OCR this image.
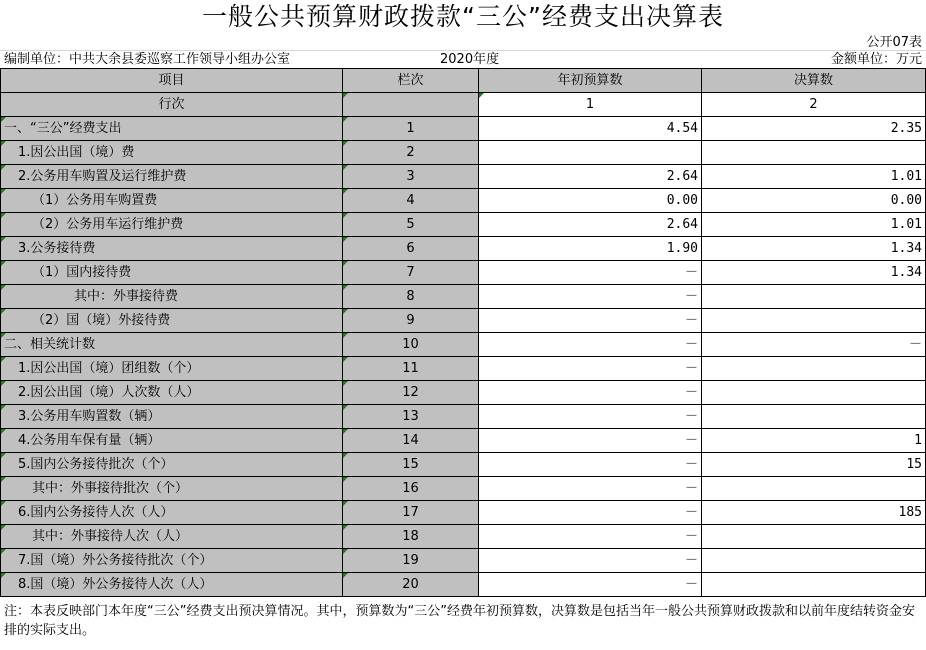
一般公共预算财政拨款“三公”经费支出决算表
公开07表
编制单位：中共大余县委巡察工作领导小组办公室	2020年度	金额单位：万元
项目	栏次	年初预算数	决算数
行次		1	2
一、“三公”经费支出	1	4.54	2.35
1.因公出国（境）费	2		
2.公务用车购置及运行维护费	3	2.64	1.01
（1）公务用车购置费	4	0.00	0.00
（2）公务用车运行维护费	5	2.64	1.01
3.公务接待费	6	1.90	1.34
（1）国内接待费	7	－	1.34
其中：外事接待费	8	－	
（2）国（境）外接待费	9	－	
二、相关统计数	10	－	－
1.因公出国（境）团组数（个）	11	－	
2.因公出国（境）人次数（人）	12	－	
3.公务用车购置数（辆）	13	－	
4.公务用车保有量（辆）	14	－	1
5.国内公务接待批次（个）	15	－	15
其中：外事接待批次（个）	16	－	
6.国内公务接待人次（人）	17	－	185
其中：外事接待人次（人）	18	－	
7.国（境）外公务接待批次（个）	19	－	
8.国（境）外公务接待人次（人）	20	－	
注：本表反映部门本年度“三公”经费支出预决算情况。其中，预算数为“三公”经费年初预算数，决算数是包括当年一般公共预算财政拨款和以前年度结转资金安排的实际支出。
